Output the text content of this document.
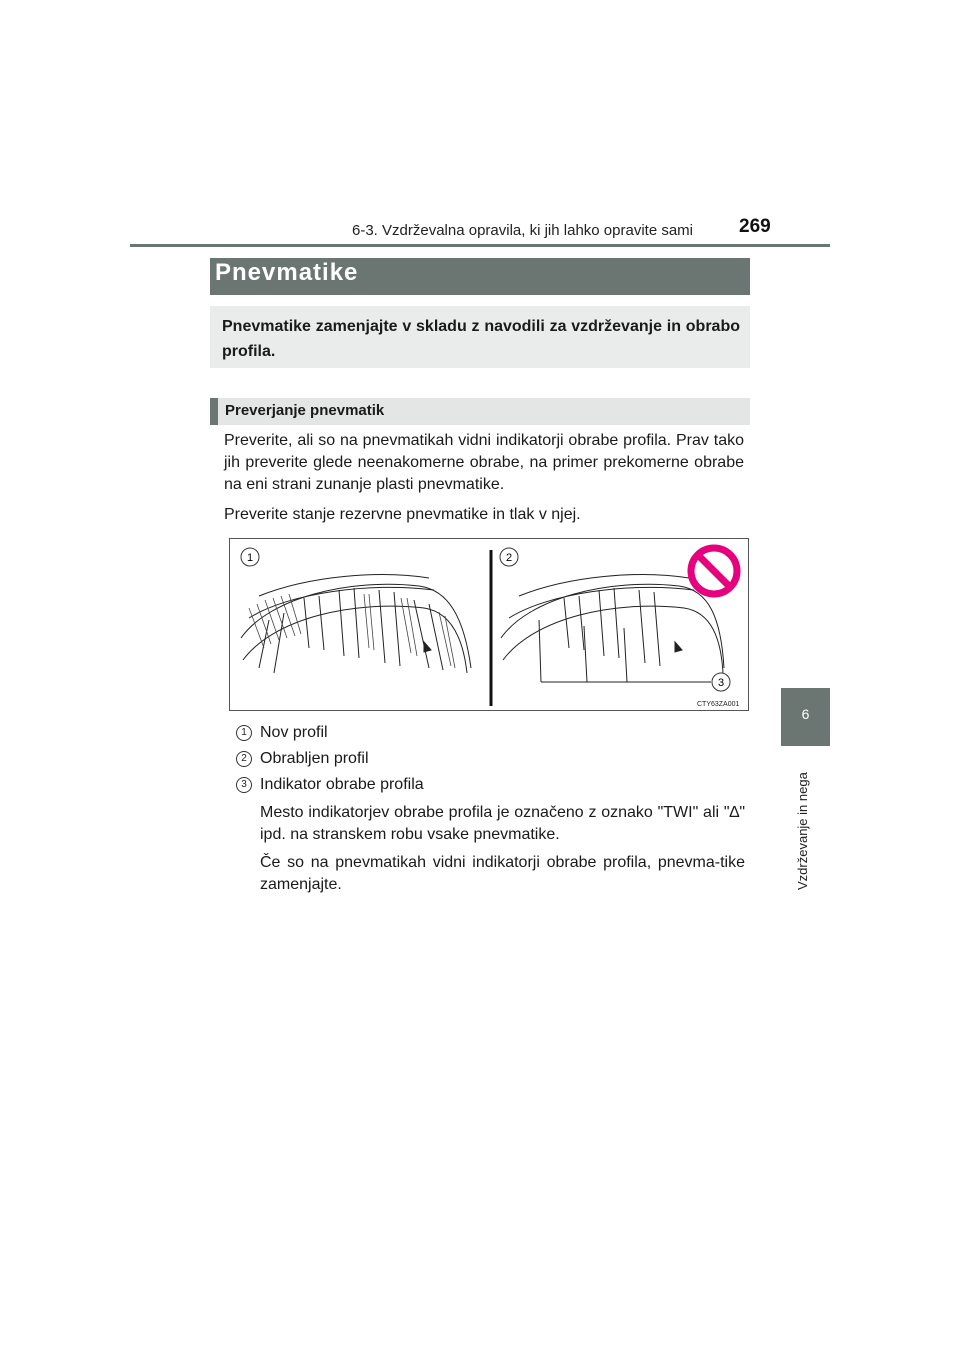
6-3. Vzdrževalna opravila, ki jih lahko opravite sami 269
6
Vzdrževanje in nega
Pnevmatike
Pnevmatike zamenjajte v skladu z navodili za vzdrževanje in obrabo profila.
Preverjanje pnevmatik
Preverite, ali so na pnevmatikah vidni indikatorji obrabe profila. Prav tako jih preverite glede neenakomerne obrabe, na primer prekomerne obrabe na eni strani zunanje plasti pnevmatike.
Preverite stanje rezervne pnevmatike in tlak v njej.
1	2
3
CTY63ZA001
1 Nov profil
2 Obrabljen profil
3 Indikator obrabe profila
Mesto indikatorjev obrabe profila je označeno z oznako "TWI" ali "∆" ipd. na stranskem robu vsake pnevmatike.
Če so na pnevmatikah vidni indikatorji obrabe profila, pnevma-tike zamenjajte.
